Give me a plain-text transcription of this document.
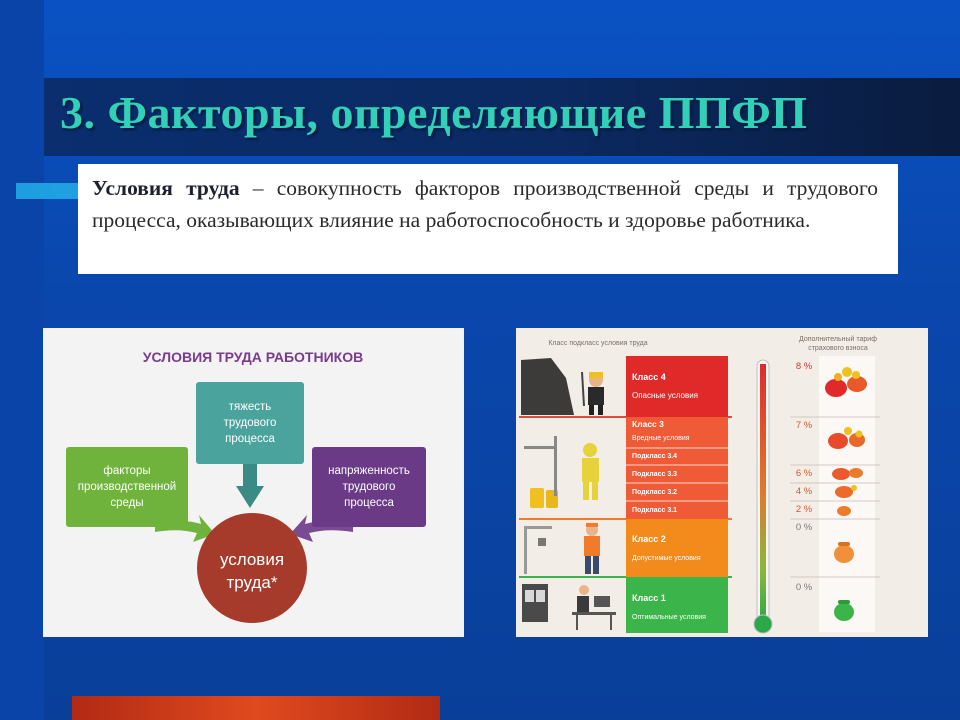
3. Факторы, определяющие ППФП

Условия труда – совокупность факторов производственной среды и трудового процесса, оказывающих влияние на работоспособность и здоровье работника.

УСЛОВИЯ ТРУДА РАБОТНИКОВ
тяжесть
трудового
процесса
факторы
производственной
среды
напряженность
трудового
процесса
условия
труда*
Класс подкласс условия труда
Дополнительный тариф
страхового взноса
Класс 4
Опасные условия
Класс 3
Вредные условия
Подкласс 3.4
Подкласс 3.3
Подкласс 3.2
Подкласс 3.1
Класс 2
Допустимые условия
Класс 1
Оптимальные условия
8 %
7 %
6 %
4 %
2 %
0 %
0 %
